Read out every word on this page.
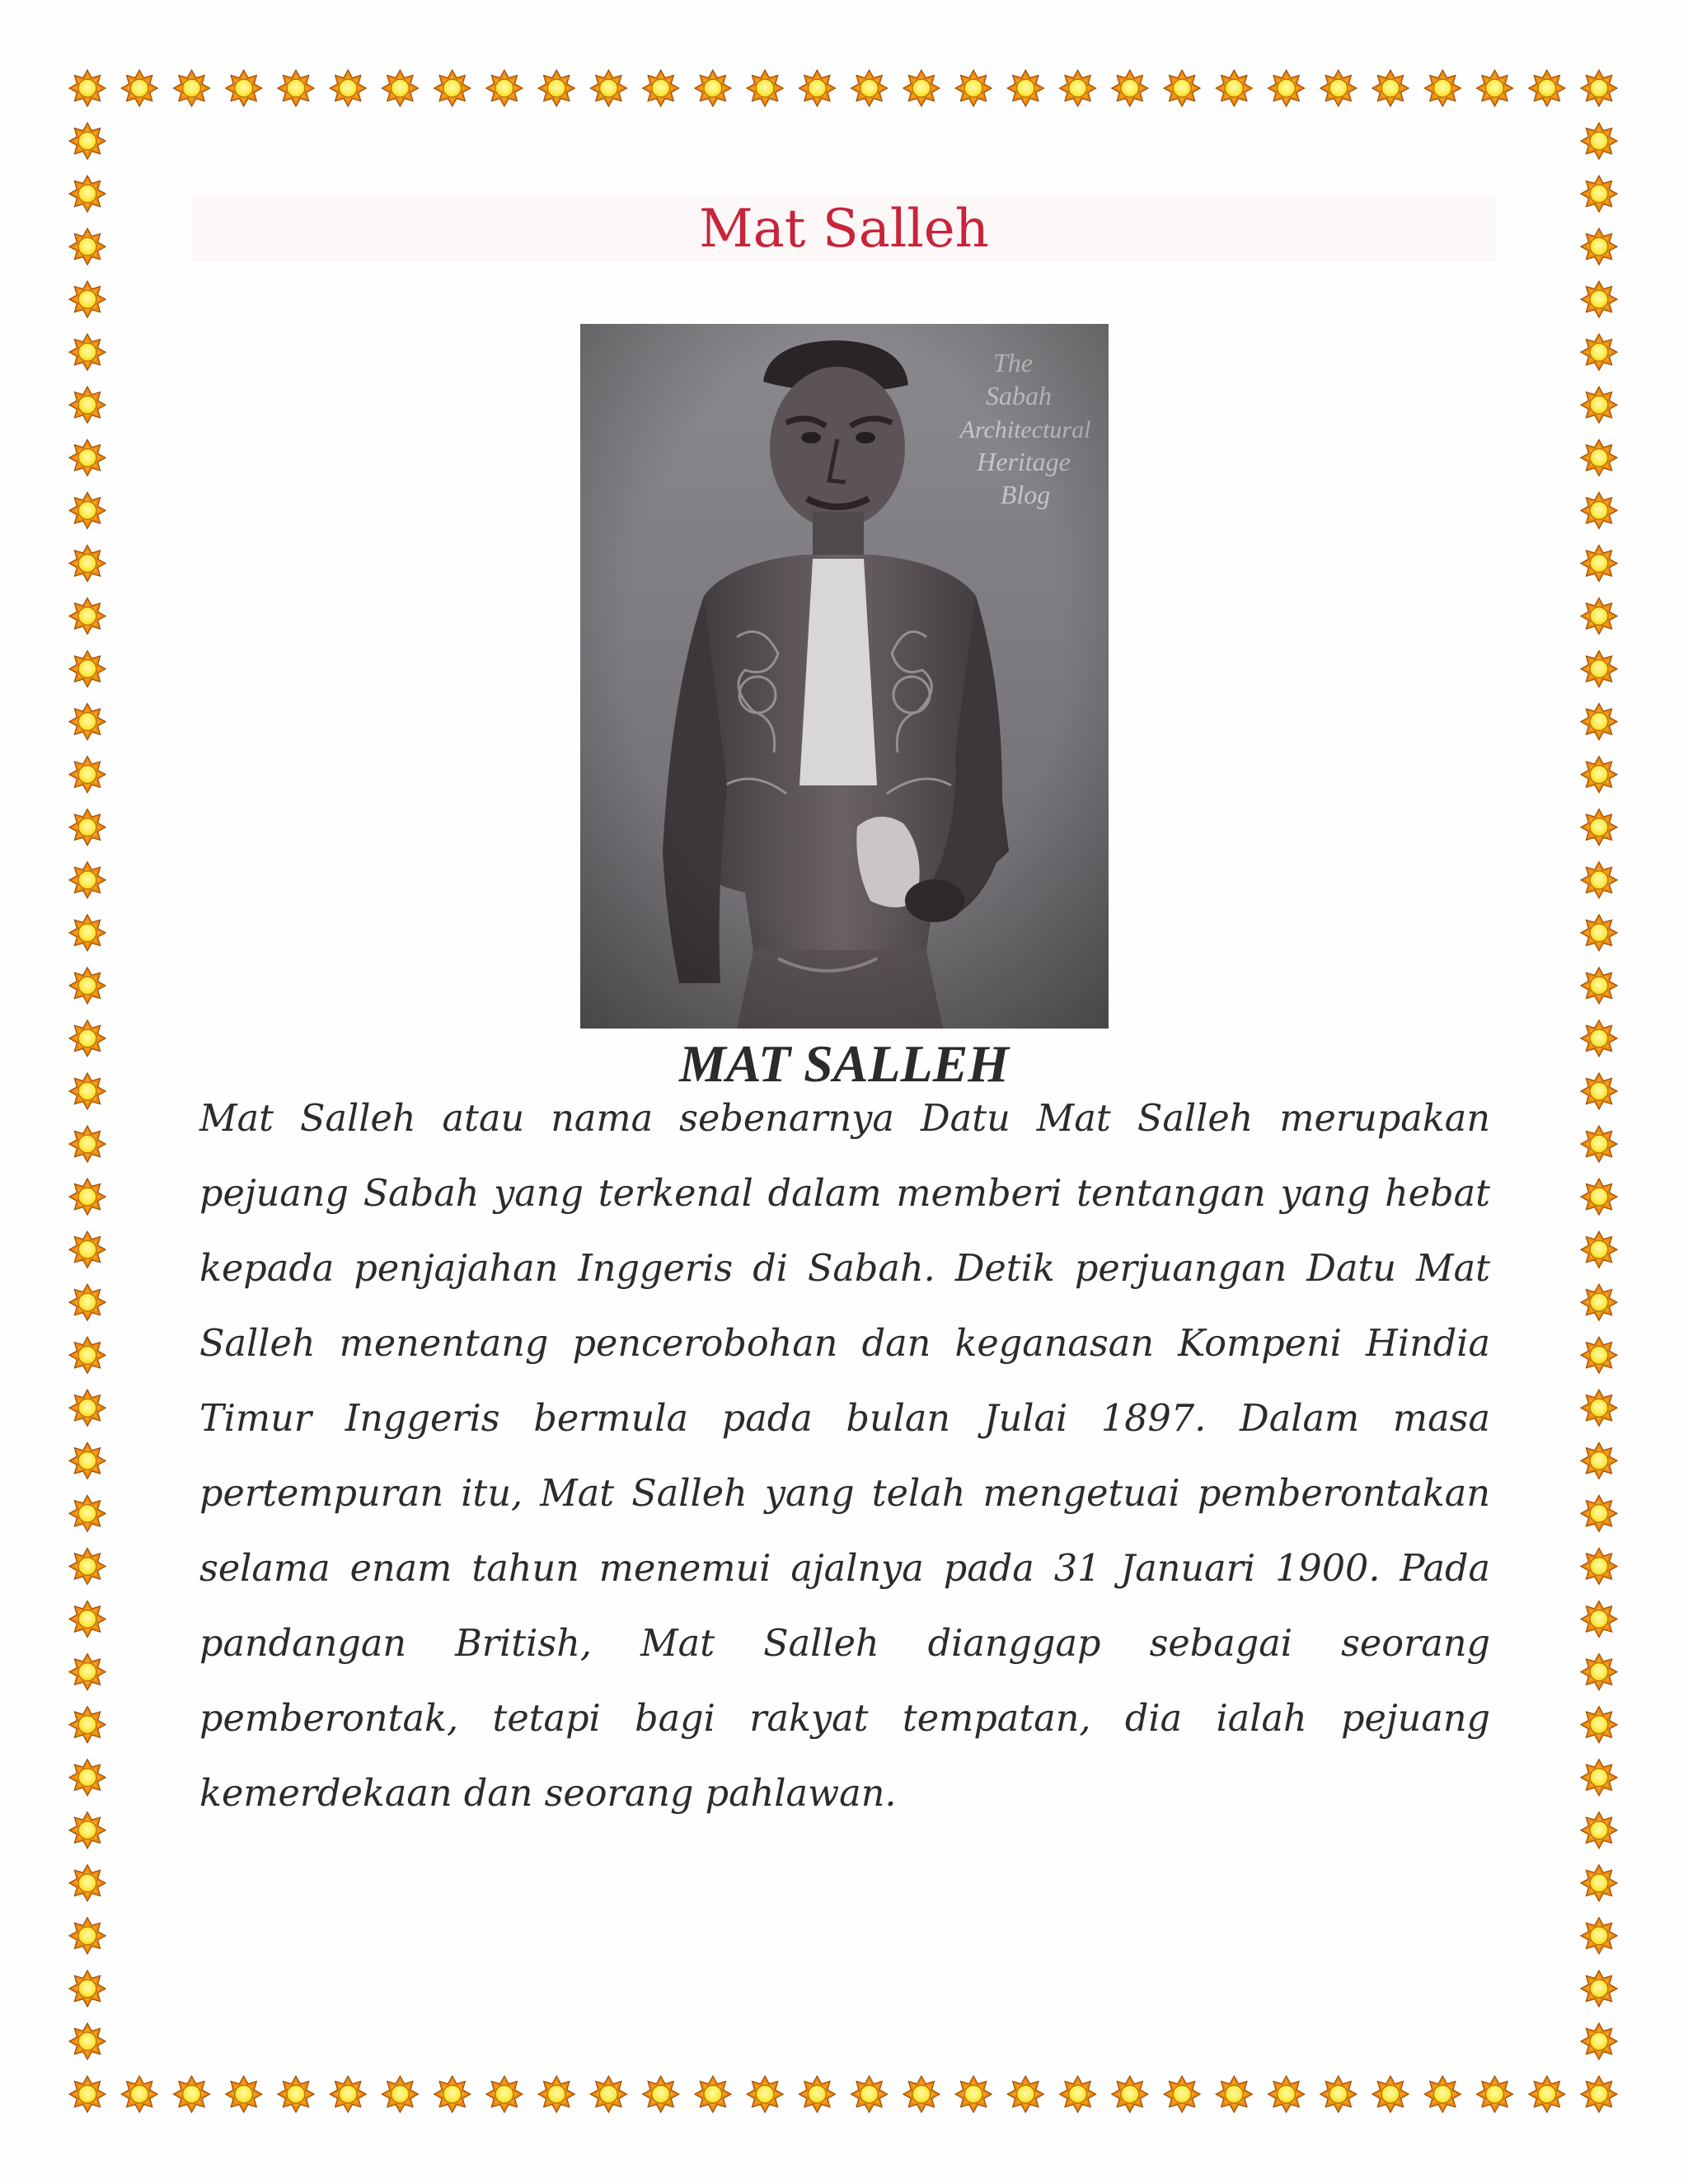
Mat Salleh
MAT SALLEH

Mat Salleh atau nama sebenarnya Datu Mat Salleh merupakan pejuang Sabah yang terkenal dalam memberi tentangan yang hebat kepada penjajahan Inggeris di Sabah. Detik perjuangan Datu Mat Salleh menentang pencerobohan dan keganasan Kompeni Hindia Timur Inggeris bermula pada bulan Julai 1897. Dalam masa pertempuran itu, Mat Salleh yang telah mengetuai pemberontakan selama enam tahun menemui ajalnya pada 31 Januari 1900. Pada pandangan British, Mat Salleh dianggap sebagai seorang pemberontak, tetapi bagi rakyat tempatan, dia ialah pejuang kemerdekaan dan seorang pahlawan.
